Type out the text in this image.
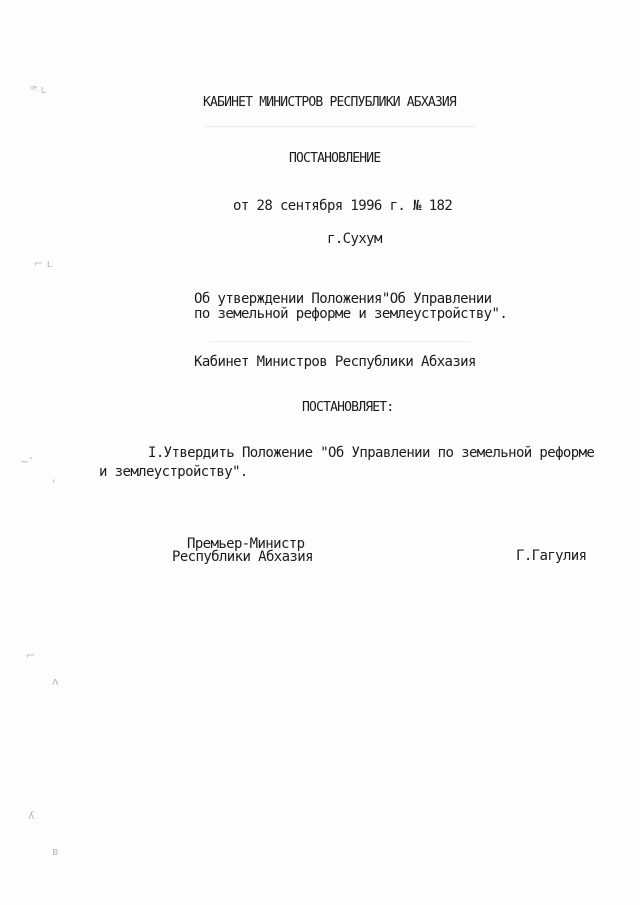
ꟹ ʟ
⌐ ʟ
~ʼ
ʻ
⌐
ʌ
ʎ
ʙ
КАБИНЕТ МИНИСТРОВ РЕСПУБЛИКИ АБХАЗИЯ
ПОСТАНОВЛЕНИЕ
от 28 сентября 1996 г. № 182
г.Сухум
Об утверждении Положения"Об Управлении
по земельной реформе и землеустройству".
Кабинет Министров Республики Абхазия
ПОСТАНОВЛЯЕТ:
I.Утвердить Положение "Об Управлении по земельной реформе
и землеустройству".
Премьер-Министр
Республики Абхазия	Г.Гагулия
